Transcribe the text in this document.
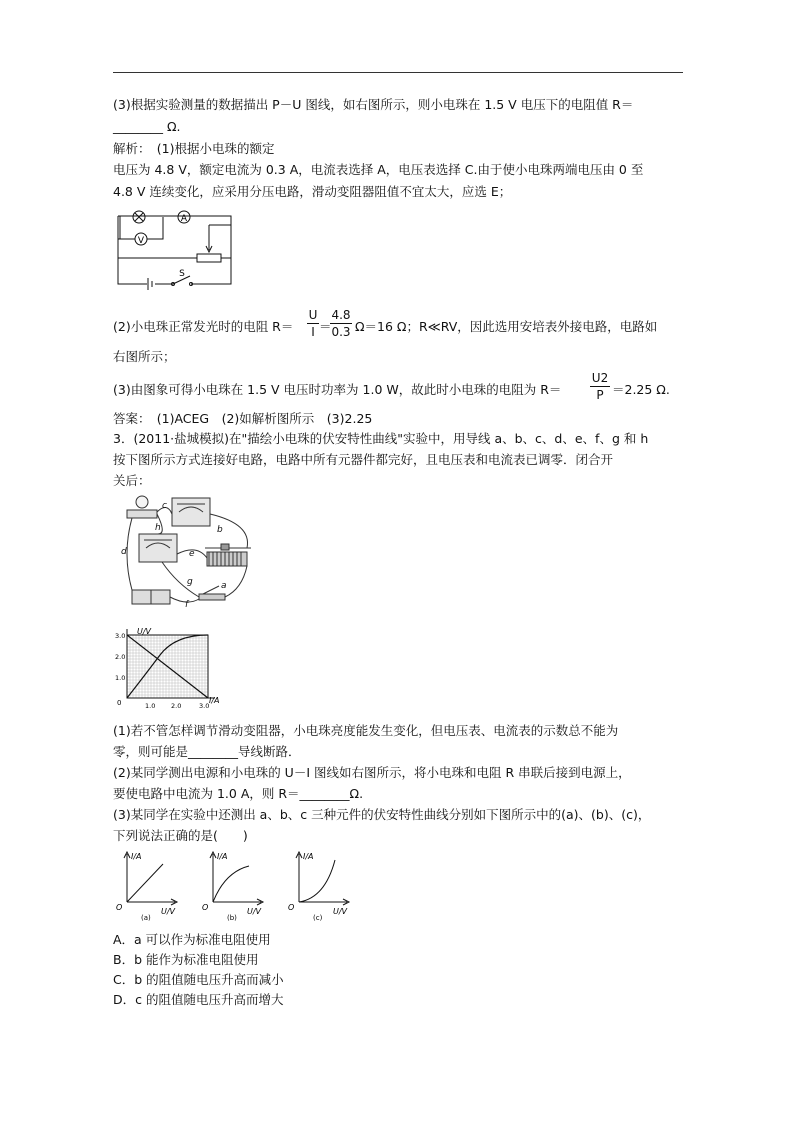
(3)根据实验测量的数据描出 P－U 图线，如右图所示，则小电珠在 1.5 V 电压下的电阻值 R＝
________ Ω.
解析：　(1)根据小电珠的额定
电压为 4.8 V，额定电流为 0.3 A，电流表选择 A，电压表选择 C.由于使小电珠两端电压由 0 至
4.8 V 连续变化，应采用分压电路，滑动变阻器阻值不宜太大，应选 E；
A
V
S
(2)小电珠正常发光时的电阻 R＝
U
I ＝
4.8
0.3 Ω＝16 Ω；R≪RV，因此选用安培表外接电路，电路如
右图所示；
(3)由图象可得小电珠在 1.5 V 电压时功率为 1.0 W，故此时小电珠的电阻为 R＝
U2
P ＝2.25 Ω.
答案：　(1)ACEG　(2)如解析图所示　(3)2.25
3．(2011·盐城模拟)在"描绘小电珠的伏安特性曲线"实验中，用导线 a、b、c、d、e、f、g 和 h
按下图所示方式连接好电路，电路中所有元器件都完好，且电压表和电流表已调零．闭合开
关后：
a
b
c
d	e
f
g
h
U/V
I/A
0
3.0
2.0
1.0
1.0 2.0	3.0
(1)若不管怎样调节滑动变阻器，小电珠亮度能发生变化，但电压表、电流表的示数总不能为
零，则可能是________导线断路．
(2)某同学测出电源和小电珠的 U－I 图线如右图所示，将小电珠和电阻 R 串联后接到电源上，
要使电路中电流为 1.0 A，则 R＝________Ω.
(3)某同学在实验中还测出 a、b、c 三种元件的伏安特性曲线分别如下图所示中的(a)、(b)、(c)，
下列说法正确的是(　　)
I/A
U/V
O
I/A
U/V
O
I/A
U/V
O
(a)	(b)	(c)
A．a 可以作为标准电阻使用
B．b 能作为标准电阻使用
C．b 的阻值随电压升高而减小
D．c 的阻值随电压升高而增大
